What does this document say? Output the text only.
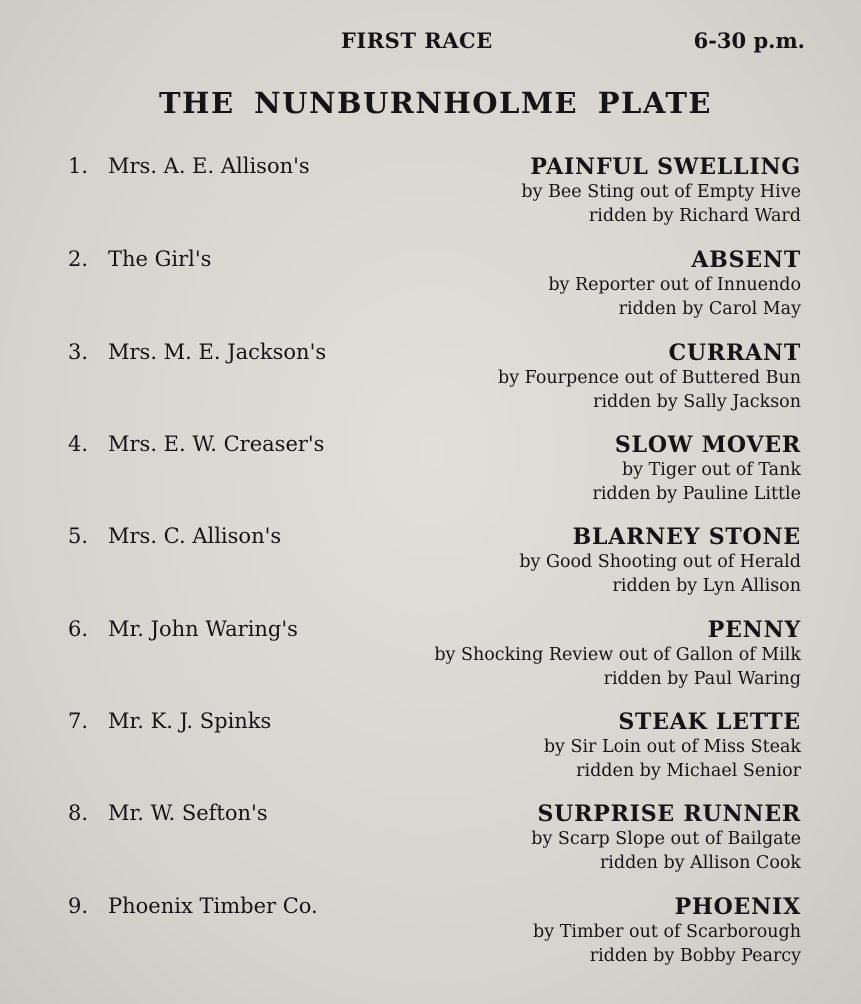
FIRST RACE	6-30 p.m.
THE NUNBURNHOLME PLATE
1. Mrs. A. E. Allison's	PAINFUL SWELLING
by Bee Sting out of Empty Hive
ridden by Richard Ward
2. The Girl's	ABSENT
by Reporter out of Innuendo
ridden by Carol May
3. Mrs. M. E. Jackson's	CURRANT
by Fourpence out of Buttered Bun
ridden by Sally Jackson
4. Mrs. E. W. Creaser's	SLOW MOVER
by Tiger out of Tank
ridden by Pauline Little
5. Mrs. C. Allison's	BLARNEY STONE
by Good Shooting out of Herald
ridden by Lyn Allison
6. Mr. John Waring's	PENNY
by Shocking Review out of Gallon of Milk
ridden by Paul Waring
7. Mr. K. J. Spinks	STEAK LETTE
by Sir Loin out of Miss Steak
ridden by Michael Senior
8. Mr. W. Sefton's	SURPRISE RUNNER
by Scarp Slope out of Bailgate
ridden by Allison Cook
9. Phoenix Timber Co.	PHOENIX
by Timber out of Scarborough
ridden by Bobby Pearcy
